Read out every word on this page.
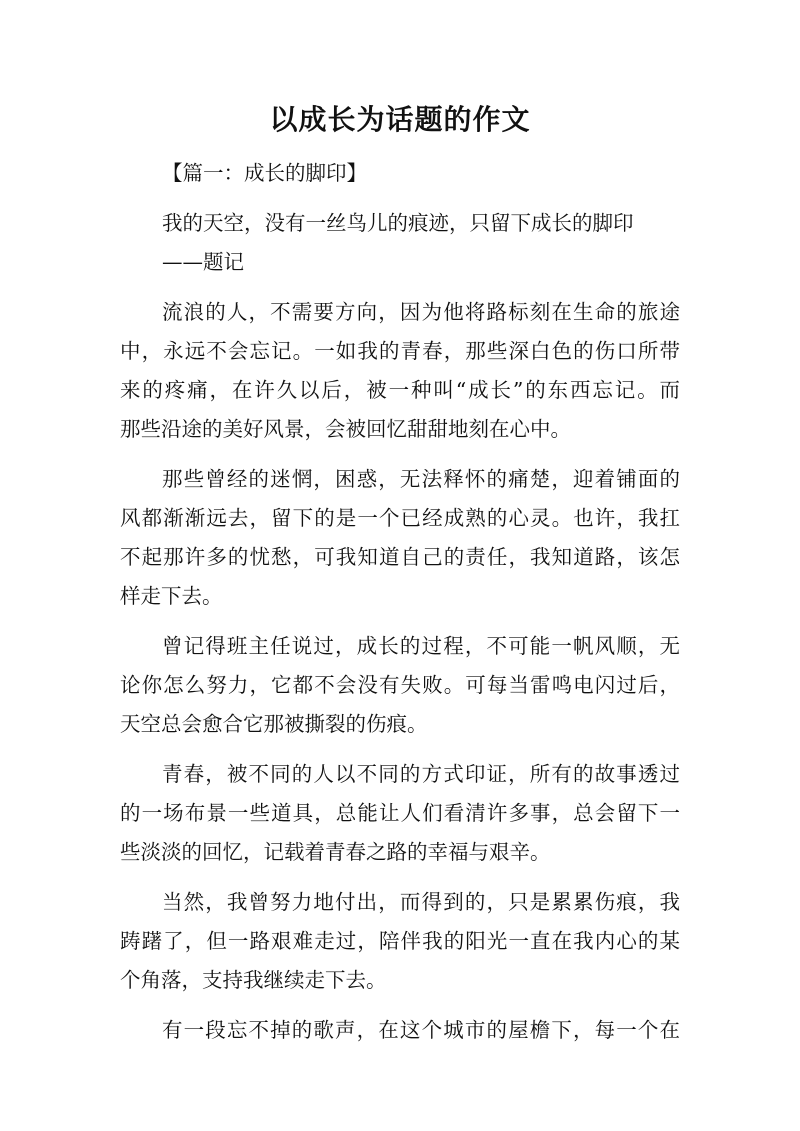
以成长为话题的作文
【篇一：成长的脚印】
我的天空，没有一丝鸟儿的痕迹，只留下成长的脚印
——题记
流浪的人，不需要方向，因为他将路标刻在生命的旅途
中，永远不会忘记。一如我的青春，那些深白色的伤口所带
来的疼痛，在许久以后，被一种叫“成长”的东西忘记。而
那些沿途的美好风景，会被回忆甜甜地刻在心中。
那些曾经的迷惘，困惑，无法释怀的痛楚，迎着铺面的
风都渐渐远去，留下的是一个已经成熟的心灵。也许，我扛
不起那许多的忧愁，可我知道自己的责任，我知道路，该怎
样走下去。
曾记得班主任说过，成长的过程，不可能一帆风顺，无
论你怎么努力，它都不会没有失败。可每当雷鸣电闪过后，
天空总会愈合它那被撕裂的伤痕。
青春，被不同的人以不同的方式印证，所有的故事透过
的一场布景一些道具，总能让人们看清许多事，总会留下一
些淡淡的回忆，记载着青春之路的幸福与艰辛。
当然，我曾努力地付出，而得到的，只是累累伤痕，我
踌躇了，但一路艰难走过，陪伴我的阳光一直在我内心的某
个角落，支持我继续走下去。
有一段忘不掉的歌声，在这个城市的屋檐下，每一个在
